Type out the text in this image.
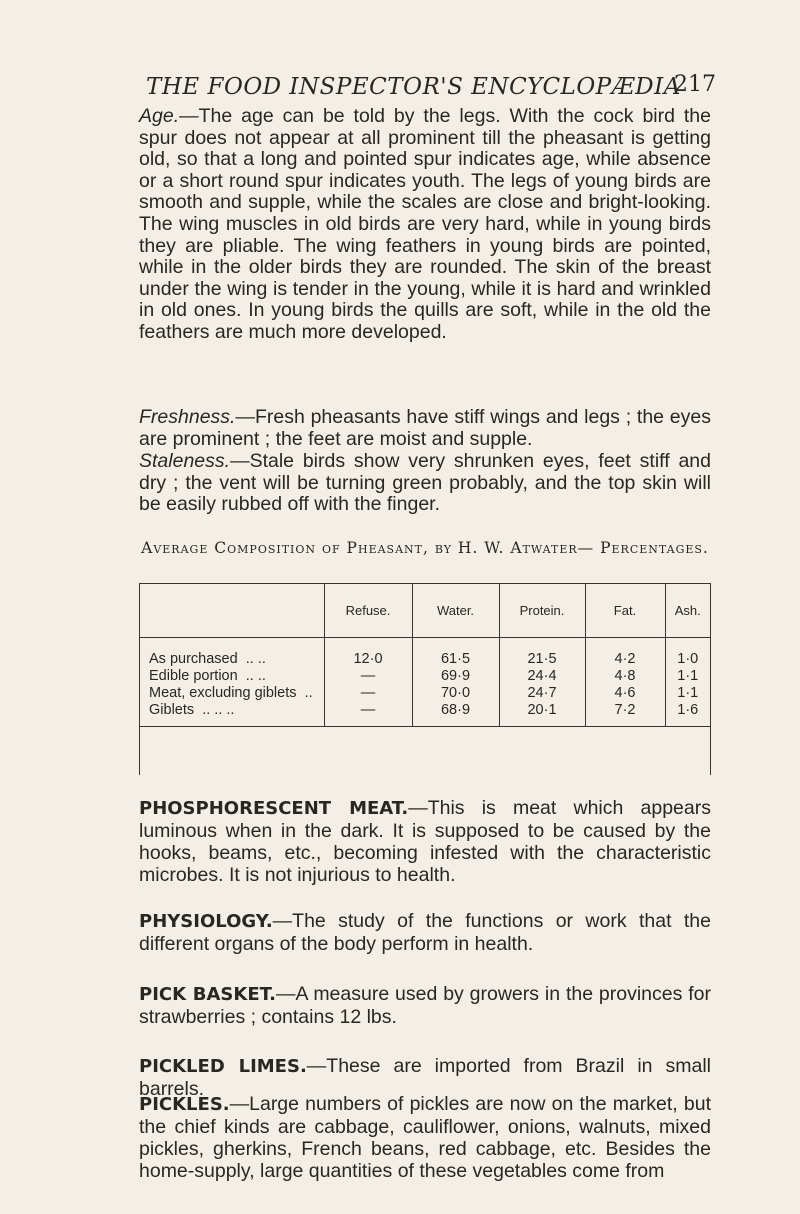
THE FOOD INSPECTOR'S ENCYCLOPÆDIA
217

Age.—The age can be told by the legs. With the cock bird the spur does not appear at all prominent till the pheasant is getting old, so that a long and pointed spur indicates age, while absence or a short round spur indicates youth. The legs of young birds are smooth and supple, while the scales are close and bright-looking. The wing muscles in old birds are very hard, while in young birds they are pliable. The wing feathers in young birds are pointed, while in the older birds they are rounded. The skin of the breast under the wing is tender in the young, while it is hard and wrinkled in old ones. In young birds the quills are soft, while in the old the feathers are much more developed.

Freshness.—Fresh pheasants have stiff wings and legs ; the eyes are prominent ; the feet are moist and supple.

Staleness.—Stale birds show very shrunken eyes, feet stiff and dry ; the vent will be turning green probably, and the top skin will be easily rubbed off with the finger.

Average Composition of Pheasant, by H. W. Atwater— Percentages.
	Refuse.	Water.	Protein.	Fat.	Ash.
As purchased .. ..	12·0	61·5	21·5	4·2	1·0
Edible portion .. ..	—	69·9	24·4	4·8	1·1
Meat, excluding giblets ..	—	70·0	24·7	4·6	1·1
Giblets .. .. ..	—	68·9	20·1	7·2	1·6

PHOSPHORESCENT MEAT.—This is meat which appears luminous when in the dark. It is supposed to be caused by the hooks, beams, etc., becoming infested with the characteristic microbes. It is not injurious to health.

PHYSIOLOGY.—The study of the functions or work that the different organs of the body perform in health.

PICK BASKET.—A measure used by growers in the provinces for strawberries ; contains 12 lbs.

PICKLED LIMES.—These are imported from Brazil in small barrels.

PICKLES.—Large numbers of pickles are now on the market, but the chief kinds are cabbage, cauliflower, onions, walnuts, mixed pickles, gherkins, French beans, red cabbage, etc. Besides the home-supply, large quantities of these vegetables come from
